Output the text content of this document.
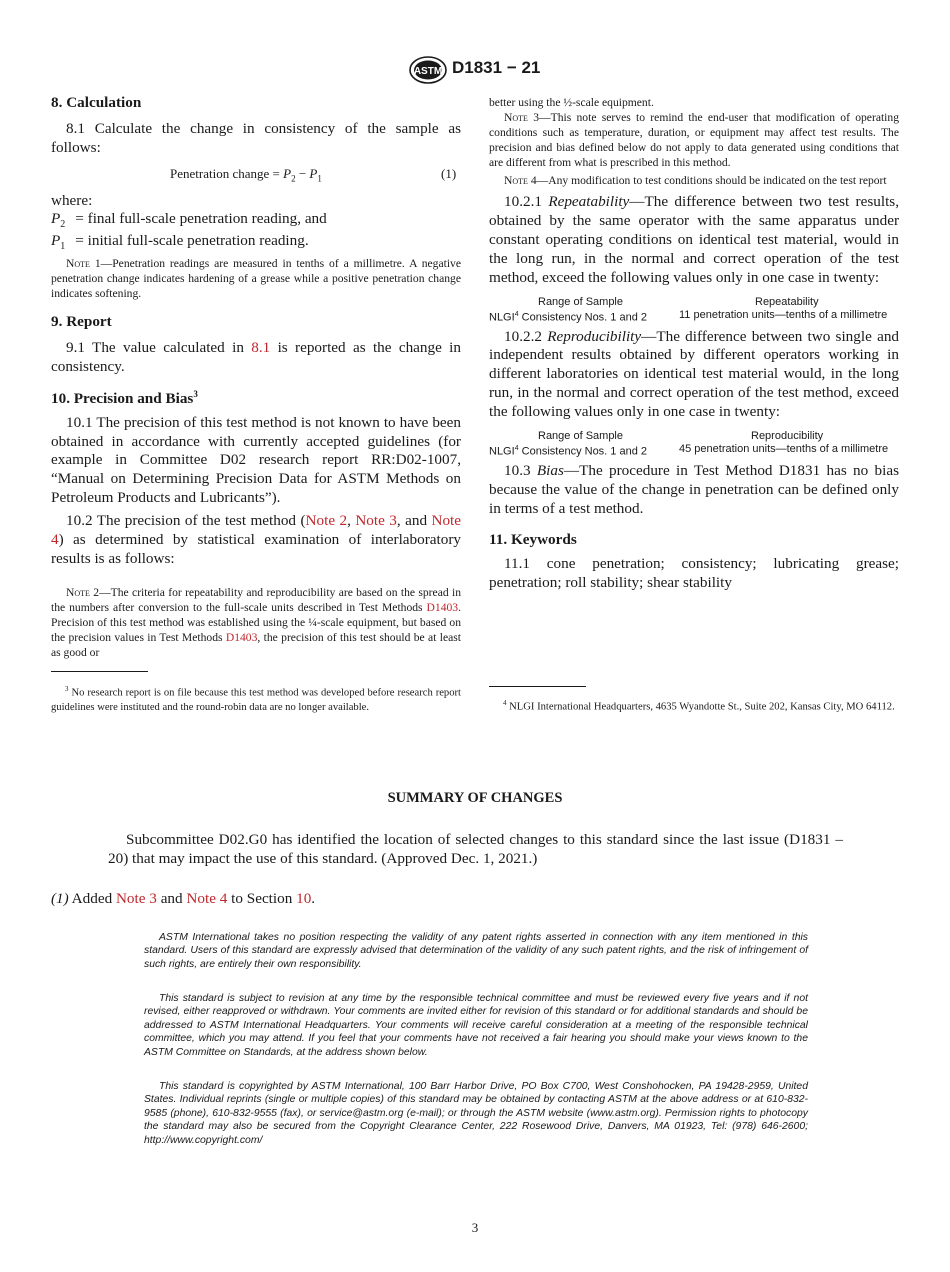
ASTM D1831 − 21
8. Calculation
8.1 Calculate the change in consistency of the sample as follows:
Penetration change = $P_2 - P_1$	(1)
where:
$P_2$ = final full-scale penetration reading, and
$P_1$ = initial full-scale penetration reading.
Note 1—Penetration readings are measured in tenths of a millimetre. A negative penetration change indicates hardening of a grease while a positive penetration change indicates softening.
9. Report
9.1 The value calculated in 8.1 is reported as the change in consistency.
10. Precision and Bias$^3$
10.1 The precision of this test method is not known to have been obtained in accordance with currently accepted guidelines (for example in Committee D02 research report RR:D02-1007, “Manual on Determining Precision Data for ASTM Methods on Petroleum Products and Lubricants”).
10.2 The precision of the test method (Note 2, Note 3, and Note 4) as determined by statistical examination of interlaboratory results is as follows:
Note 2—The criteria for repeatability and reproducibility are based on the spread in the numbers after conversion to the full-scale units described in Test Methods D1403. Precision of this test method was established using the ¼-scale equipment, but based on the precision values in Test Methods D1403, the precision of this test should be at least as good or
$^3$ No research report is on file because this test method was developed before research report guidelines were instituted and the round-robin data are no longer available.
better using the ½-scale equipment.
Note 3—This note serves to remind the end-user that modification of operating conditions such as temperature, duration, or equipment may affect test results. The precision and bias defined below do not apply to data generated using conditions that are different from what is prescribed in this method.
Note 4—Any modification to test conditions should be indicated on the test report
10.2.1 Repeatability—The difference between two test results, obtained by the same operator with the same apparatus under constant operating conditions on identical test material, would in the long run, in the normal and correct operation of the test method, exceed the following values only in one case in twenty:
Range of Sample	Repeatability
NLGI$^4$ Consistency Nos. 1 and 2	11 penetration units—tenths of a millimetre
10.2.2 Reproducibility—The difference between two single and independent results obtained by different operators working in different laboratories on identical test material would, in the long run, in the normal and correct operation of the test method, exceed the following values only in one case in twenty:
Range of Sample	Reproducibility
NLGI$^4$ Consistency Nos. 1 and 2	45 penetration units—tenths of a millimetre
10.3 Bias—The procedure in Test Method D1831 has no bias because the value of the change in penetration can be defined only in terms of a test method.
11. Keywords
11.1 cone penetration; consistency; lubricating grease; penetration; roll stability; shear stability
$^4$ NLGI International Headquarters, 4635 Wyandotte St., Suite 202, Kansas City, MO 64112.
SUMMARY OF CHANGES
Subcommittee D02.G0 has identified the location of selected changes to this standard since the last issue (D1831 – 20) that may impact the use of this standard. (Approved Dec. 1, 2021.)
(1) Added Note 3 and Note 4 to Section 10.
ASTM International takes no position respecting the validity of any patent rights asserted in connection with any item mentioned in this standard. Users of this standard are expressly advised that determination of the validity of any such patent rights, and the risk of infringement of such rights, are entirely their own responsibility.
This standard is subject to revision at any time by the responsible technical committee and must be reviewed every five years and if not revised, either reapproved or withdrawn. Your comments are invited either for revision of this standard or for additional standards and should be addressed to ASTM International Headquarters. Your comments will receive careful consideration at a meeting of the responsible technical committee, which you may attend. If you feel that your comments have not received a fair hearing you should make your views known to the ASTM Committee on Standards, at the address shown below.
This standard is copyrighted by ASTM International, 100 Barr Harbor Drive, PO Box C700, West Conshohocken, PA 19428-2959, United States. Individual reprints (single or multiple copies) of this standard may be obtained by contacting ASTM at the above address or at 610-832-9585 (phone), 610-832-9555 (fax), or service@astm.org (e-mail); or through the ASTM website (www.astm.org). Permission rights to photocopy the standard may also be secured from the Copyright Clearance Center, 222 Rosewood Drive, Danvers, MA 01923, Tel: (978) 646-2600; http://www.copyright.com/
3
